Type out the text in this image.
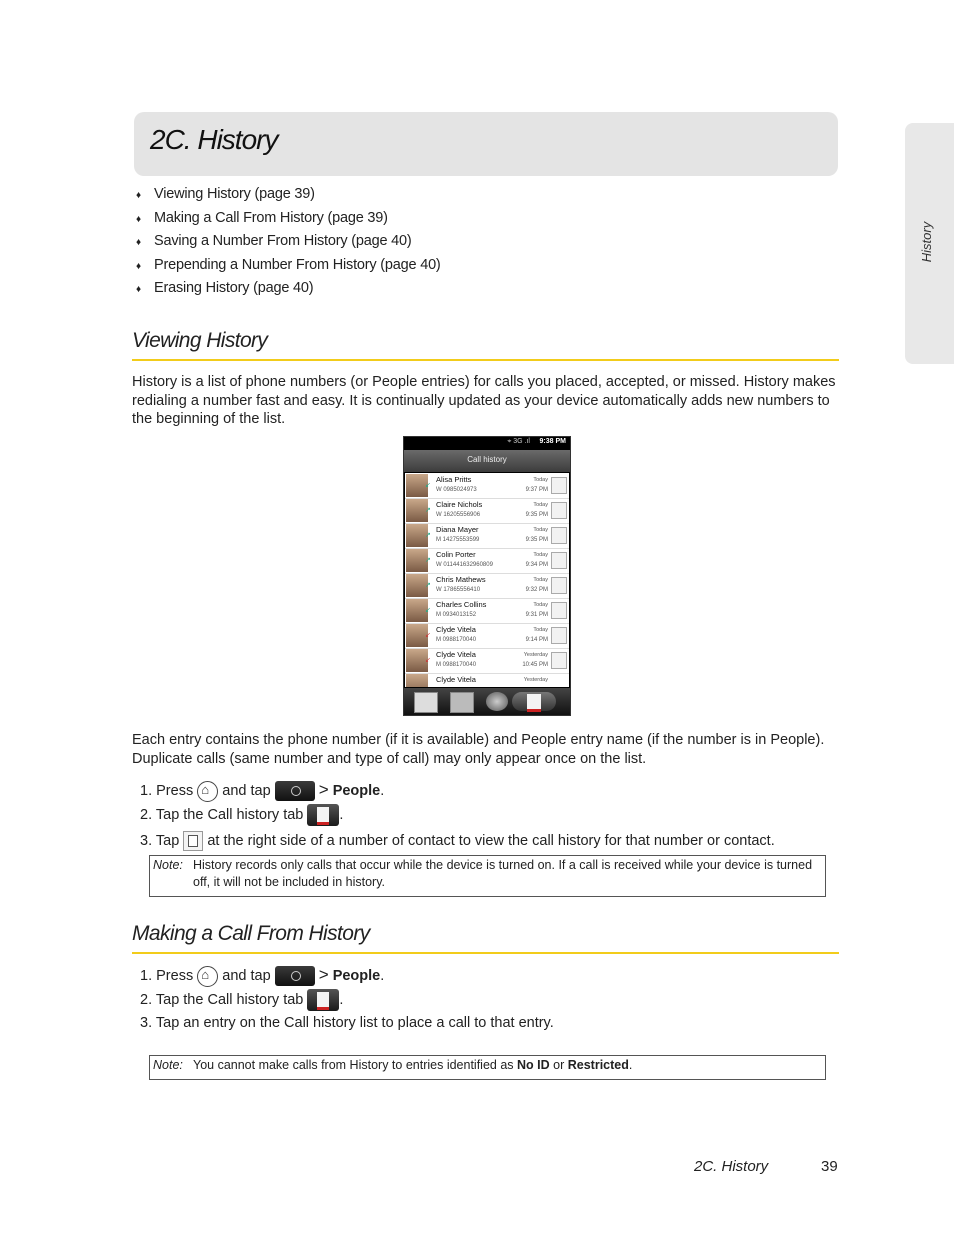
2C. History
History
♦ Viewing History (page 39)
♦ Making a Call From History (page 39)
♦ Saving a Number From History (page 40)
♦ Prepending a Number From History (page 40)
♦ Erasing History (page 40)
Viewing History
History is a list of phone numbers (or People entries) for calls you placed, accepted, or missed. History makes redialing a number fast and easy. It is continually updated as your device automatically adds new numbers to the beginning of the list.
⌖ 3G .ıl 9:38 PM
Call history
↙
Alisa Pritts
W 0985024973
Today
9:37 PM
↗
Claire Nichols
W 16205556906
Today
9:35 PM
↗
Diana Mayer
M 14275553599
Today
9:35 PM
↗
Colin Porter
W 011441632960809
Today
9:34 PM
↗
Chris Mathews
W 17865556410
Today
9:32 PM
↙
Charles Collins
M 0934013152
Today
9:31 PM
↙
Clyde Vitela
M 0988170040
Today
9:14 PM
↙
Clyde Vitela
M 0988170040
Yesterday
10:45 PM
Clyde Vitela	Yesterday
Each entry contains the phone number (if it is available) and People entry name (if the number is in People). Duplicate calls (same number and type of call) may only appear once on the list.
1. Press ⌂ and tap	> People.
2. Tap the Call history tab .
3. Tap at the right side of a number of contact to view the call history for that number or contact.
Note: History records only calls that occur while the device is turned on. If a call is received while your device is turned off, it will not be included in history.
Making a Call From History
1. Press ⌂ and tap	> People.
2. Tap the Call history tab .
3. Tap an entry on the Call history list to place a call to that entry.
Note: You cannot make calls from History to entries identified as No ID or Restricted.
2C. History	39
